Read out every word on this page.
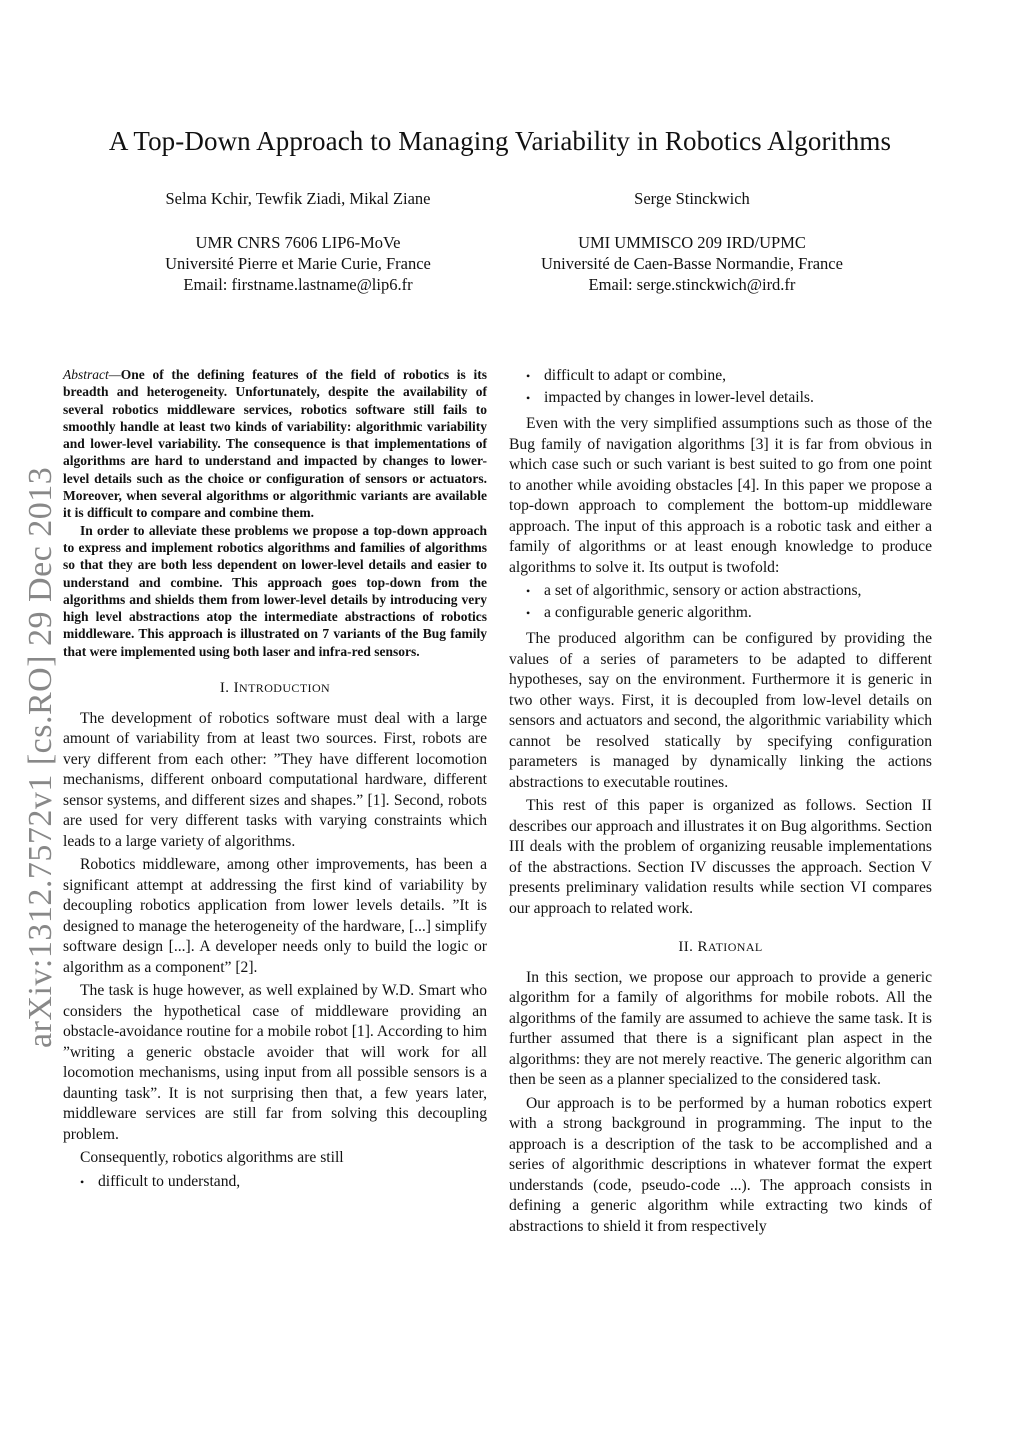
A Top-Down Approach to Managing Variability in Robotics Algorithms
Selma Kchir, Tewfik Ziadi, Mikal Ziane
UMR CNRS 7606 LIP6-MoVe
Université Pierre et Marie Curie, France
Email: firstname.lastname@lip6.fr
Serge Stinckwich
UMI UMMISCO 209 IRD/UPMC
Université de Caen-Basse Normandie, France
Email: serge.stinckwich@ird.fr
arXiv:1312.7572v1 [cs.RO] 29 Dec 2013

Abstract—One of the defining features of the field of robotics is its breadth and heterogeneity. Unfortunately, despite the availability of several robotics middleware services, robotics software still fails to smoothly handle at least two kinds of variability: algorithmic variability and lower-level variability. The consequence is that implementations of algorithms are hard to understand and impacted by changes to lower-level details such as the choice or configuration of sensors or actuators. Moreover, when several algorithms or algorithmic variants are available it is difficult to compare and combine them.

In order to alleviate these problems we propose a top-down approach to express and implement robotics algorithms and families of algorithms so that they are both less dependent on lower-level details and easier to understand and combine. This approach goes top-down from the algorithms and shields them from lower-level details by introducing very high level abstractions atop the intermediate abstractions of robotics middleware. This approach is illustrated on 7 variants of the Bug family that were implemented using both laser and infra-red sensors.

I. INTRODUCTION

The development of robotics software must deal with a large amount of variability from at least two sources. First, robots are very different from each other: ”They have different locomotion mechanisms, different onboard computational hardware, different sensor systems, and different sizes and shapes.” [1]. Second, robots are used for very different tasks with varying constraints which leads to a large variety of algorithms.

Robotics middleware, among other improvements, has been a significant attempt at addressing the first kind of variability by decoupling robotics application from lower levels details. ”It is designed to manage the heterogeneity of the hardware, [...] simplify software design [...]. A developer needs only to build the logic or algorithm as a component” [2].

The task is huge however, as well explained by W.D. Smart who considers the hypothetical case of middleware providing an obstacle-avoidance routine for a mobile robot [1]. According to him ”writing a generic obstacle avoider that will work for all locomotion mechanisms, using input from all possible sensors is a daunting task”. It is not surprising then that, a few years later, middleware services are still far from solving this decoupling problem.

Consequently, robotics algorithms are still

• difficult to understand,
• difficult to adapt or combine,
• impacted by changes in lower-level details.

Even with the very simplified assumptions such as those of the Bug family of navigation algorithms [3] it is far from obvious in which case such or such variant is best suited to go from one point to another while avoiding obstacles [4]. In this paper we propose a top-down approach to complement the bottom-up middleware approach. The input of this approach is a robotic task and either a family of algorithms or at least enough knowledge to produce algorithms to solve it. Its output is twofold:

• a set of algorithmic, sensory or action abstractions,
• a configurable generic algorithm.

The produced algorithm can be configured by providing the values of a series of parameters to be adapted to different hypotheses, say on the environment. Furthermore it is generic in two other ways. First, it is decoupled from low-level details on sensors and actuators and second, the algorithmic variability which cannot be resolved statically by specifying configuration parameters is managed by dynamically linking the actions abstractions to executable routines.

This rest of this paper is organized as follows. Section II describes our approach and illustrates it on Bug algorithms. Section III deals with the problem of organizing reusable implementations of the abstractions. Section IV discusses the approach. Section V presents preliminary validation results while section VI compares our approach to related work.

II. RATIONAL

In this section, we propose our approach to provide a generic algorithm for a family of algorithms for mobile robots. All the algorithms of the family are assumed to achieve the same task. It is further assumed that there is a significant plan aspect in the algorithms: they are not merely reactive. The generic algorithm can then be seen as a planner specialized to the considered task.

Our approach is to be performed by a human robotics expert with a strong background in programming. The input to the approach is a description of the task to be accomplished and a series of algorithmic descriptions in whatever format the expert understands (code, pseudo-code ...). The approach consists in defining a generic algorithm while extracting two kinds of abstractions to shield it from respectively
